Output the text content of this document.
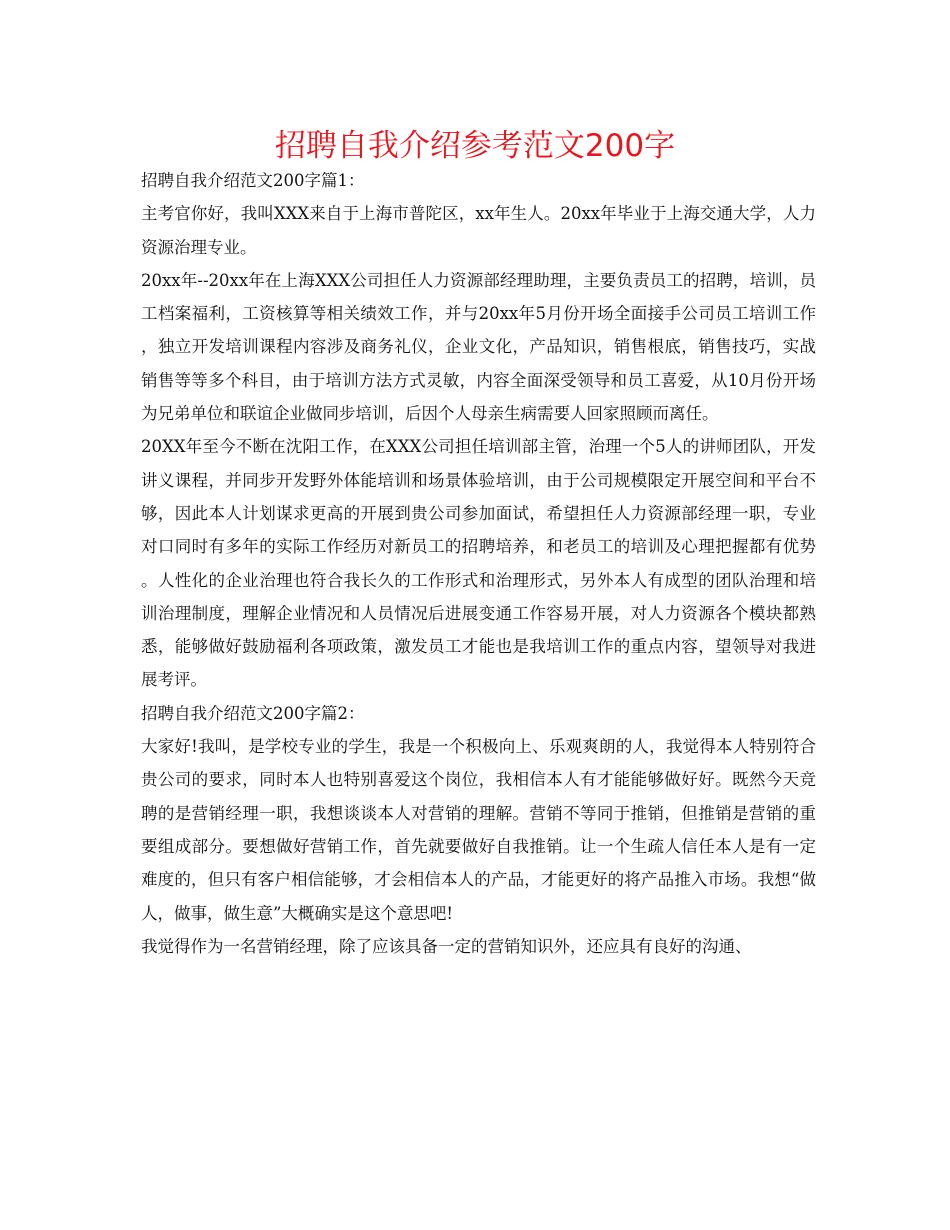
招聘自我介绍参考范文200字

招聘自我介绍范文200字篇1：

主考官你好，我叫XXX来自于上海市普陀区，xx年生人。20xx年毕业于上海交通大学，人力资源治理专业。

20xx年--20xx年在上海XXX公司担任人力资源部经理助理，主要负责员工的招聘，培训，员工档案福利，工资核算等相关绩效工作，并与20xx年5月份开场全面接手公司员工培训工作，独立开发培训课程内容涉及商务礼仪，企业文化，产品知识，销售根底，销售技巧，实战销售等等多个科目，由于培训方法方式灵敏，内容全面深受领导和员工喜爱，从10月份开场为兄弟单位和联谊企业做同步培训，后因个人母亲生病需要人回家照顾而离任。

20XX年至今不断在沈阳工作，在XXX公司担任培训部主管，治理一个5人的讲师团队，开发讲义课程，并同步开发野外体能培训和场景体验培训，由于公司规模限定开展空间和平台不够，因此本人计划谋求更高的开展到贵公司参加面试，希望担任人力资源部经理一职，专业对口同时有多年的实际工作经历对新员工的招聘培养，和老员工的培训及心理把握都有优势。人性化的企业治理也符合我长久的工作形式和治理形式，另外本人有成型的团队治理和培训治理制度，理解企业情况和人员情况后进展变通工作容易开展，对人力资源各个模块都熟悉，能够做好鼓励福利各项政策，激发员工才能也是我培训工作的重点内容，望领导对我进展考评。

招聘自我介绍范文200字篇2：

大家好!我叫，是学校专业的学生，我是一个积极向上、乐观爽朗的人，我觉得本人特别符合贵公司的要求，同时本人也特别喜爱这个岗位，我相信本人有才能能够做好好。既然今天竞聘的是营销经理一职，我想谈谈本人对营销的理解。营销不等同于推销，但推销是营销的重要组成部分。要想做好营销工作，首先就要做好自我推销。让一个生疏人信任本人是有一定难度的，但只有客户相信能够，才会相信本人的产品，才能更好的将产品推入市场。我想“做人，做事，做生意”大概确实是这个意思吧!

我觉得作为一名营销经理，除了应该具备一定的营销知识外，还应具有良好的沟通、
